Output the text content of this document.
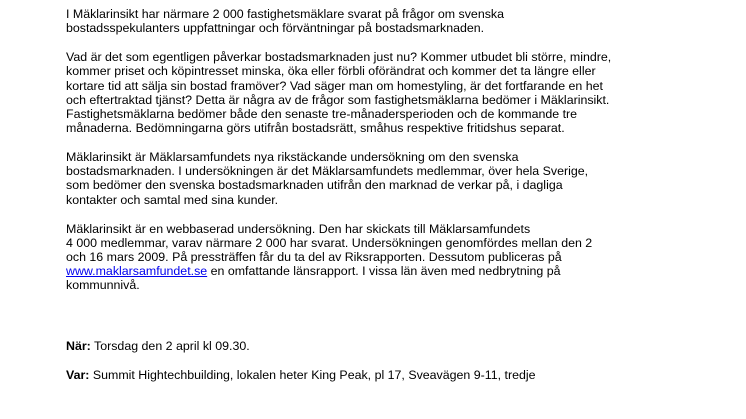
I Mäklarinsikt har närmare 2 000 fastighetsmäklare svarat på frågor om svenska
bostadsspekulanters uppfattningar och förväntningar på bostadsmarknaden.

Vad är det som egentligen påverkar bostadsmarknaden just nu? Kommer utbudet bli större, mindre,
kommer priset och köpintresset minska, öka eller förbli oförändrat och kommer det ta längre eller
kortare tid att sälja sin bostad framöver? Vad säger man om homestyling, är det fortfarande en het
och eftertraktad tjänst? Detta är några av de frågor som fastighetsmäklarna bedömer i Mäklarinsikt.
Fastighetsmäklarna bedömer både den senaste tre-månadersperioden och de kommande tre
månaderna. Bedömningarna görs utifrån bostadsrätt, småhus respektive fritidshus separat.

Mäklarinsikt är Mäklarsamfundets nya rikstäckande undersökning om den svenska
bostadsmarknaden. I undersökningen är det Mäklarsamfundets medlemmar, över hela Sverige,
som bedömer den svenska bostadsmarknaden utifrån den marknad de verkar på, i dagliga
kontakter och samtal med sina kunder.

Mäklarinsikt är en webbaserad undersökning. Den har skickats till Mäklarsamfundets
4 000 medlemmar, varav närmare 2 000 har svarat. Undersökningen genomfördes mellan den 2
och 16 mars 2009. På pressträffen får du ta del av Riksrapporten. Dessutom publiceras på
www.maklarsamfundet.se en omfattande länsrapport. I vissa län även med nedbrytning på
kommunnivå.

När: Torsdag den 2 april kl 09.30.

Var: Summit Hightechbuilding, lokalen heter King Peak, pl 17, Sveavägen 9-11, tredje
